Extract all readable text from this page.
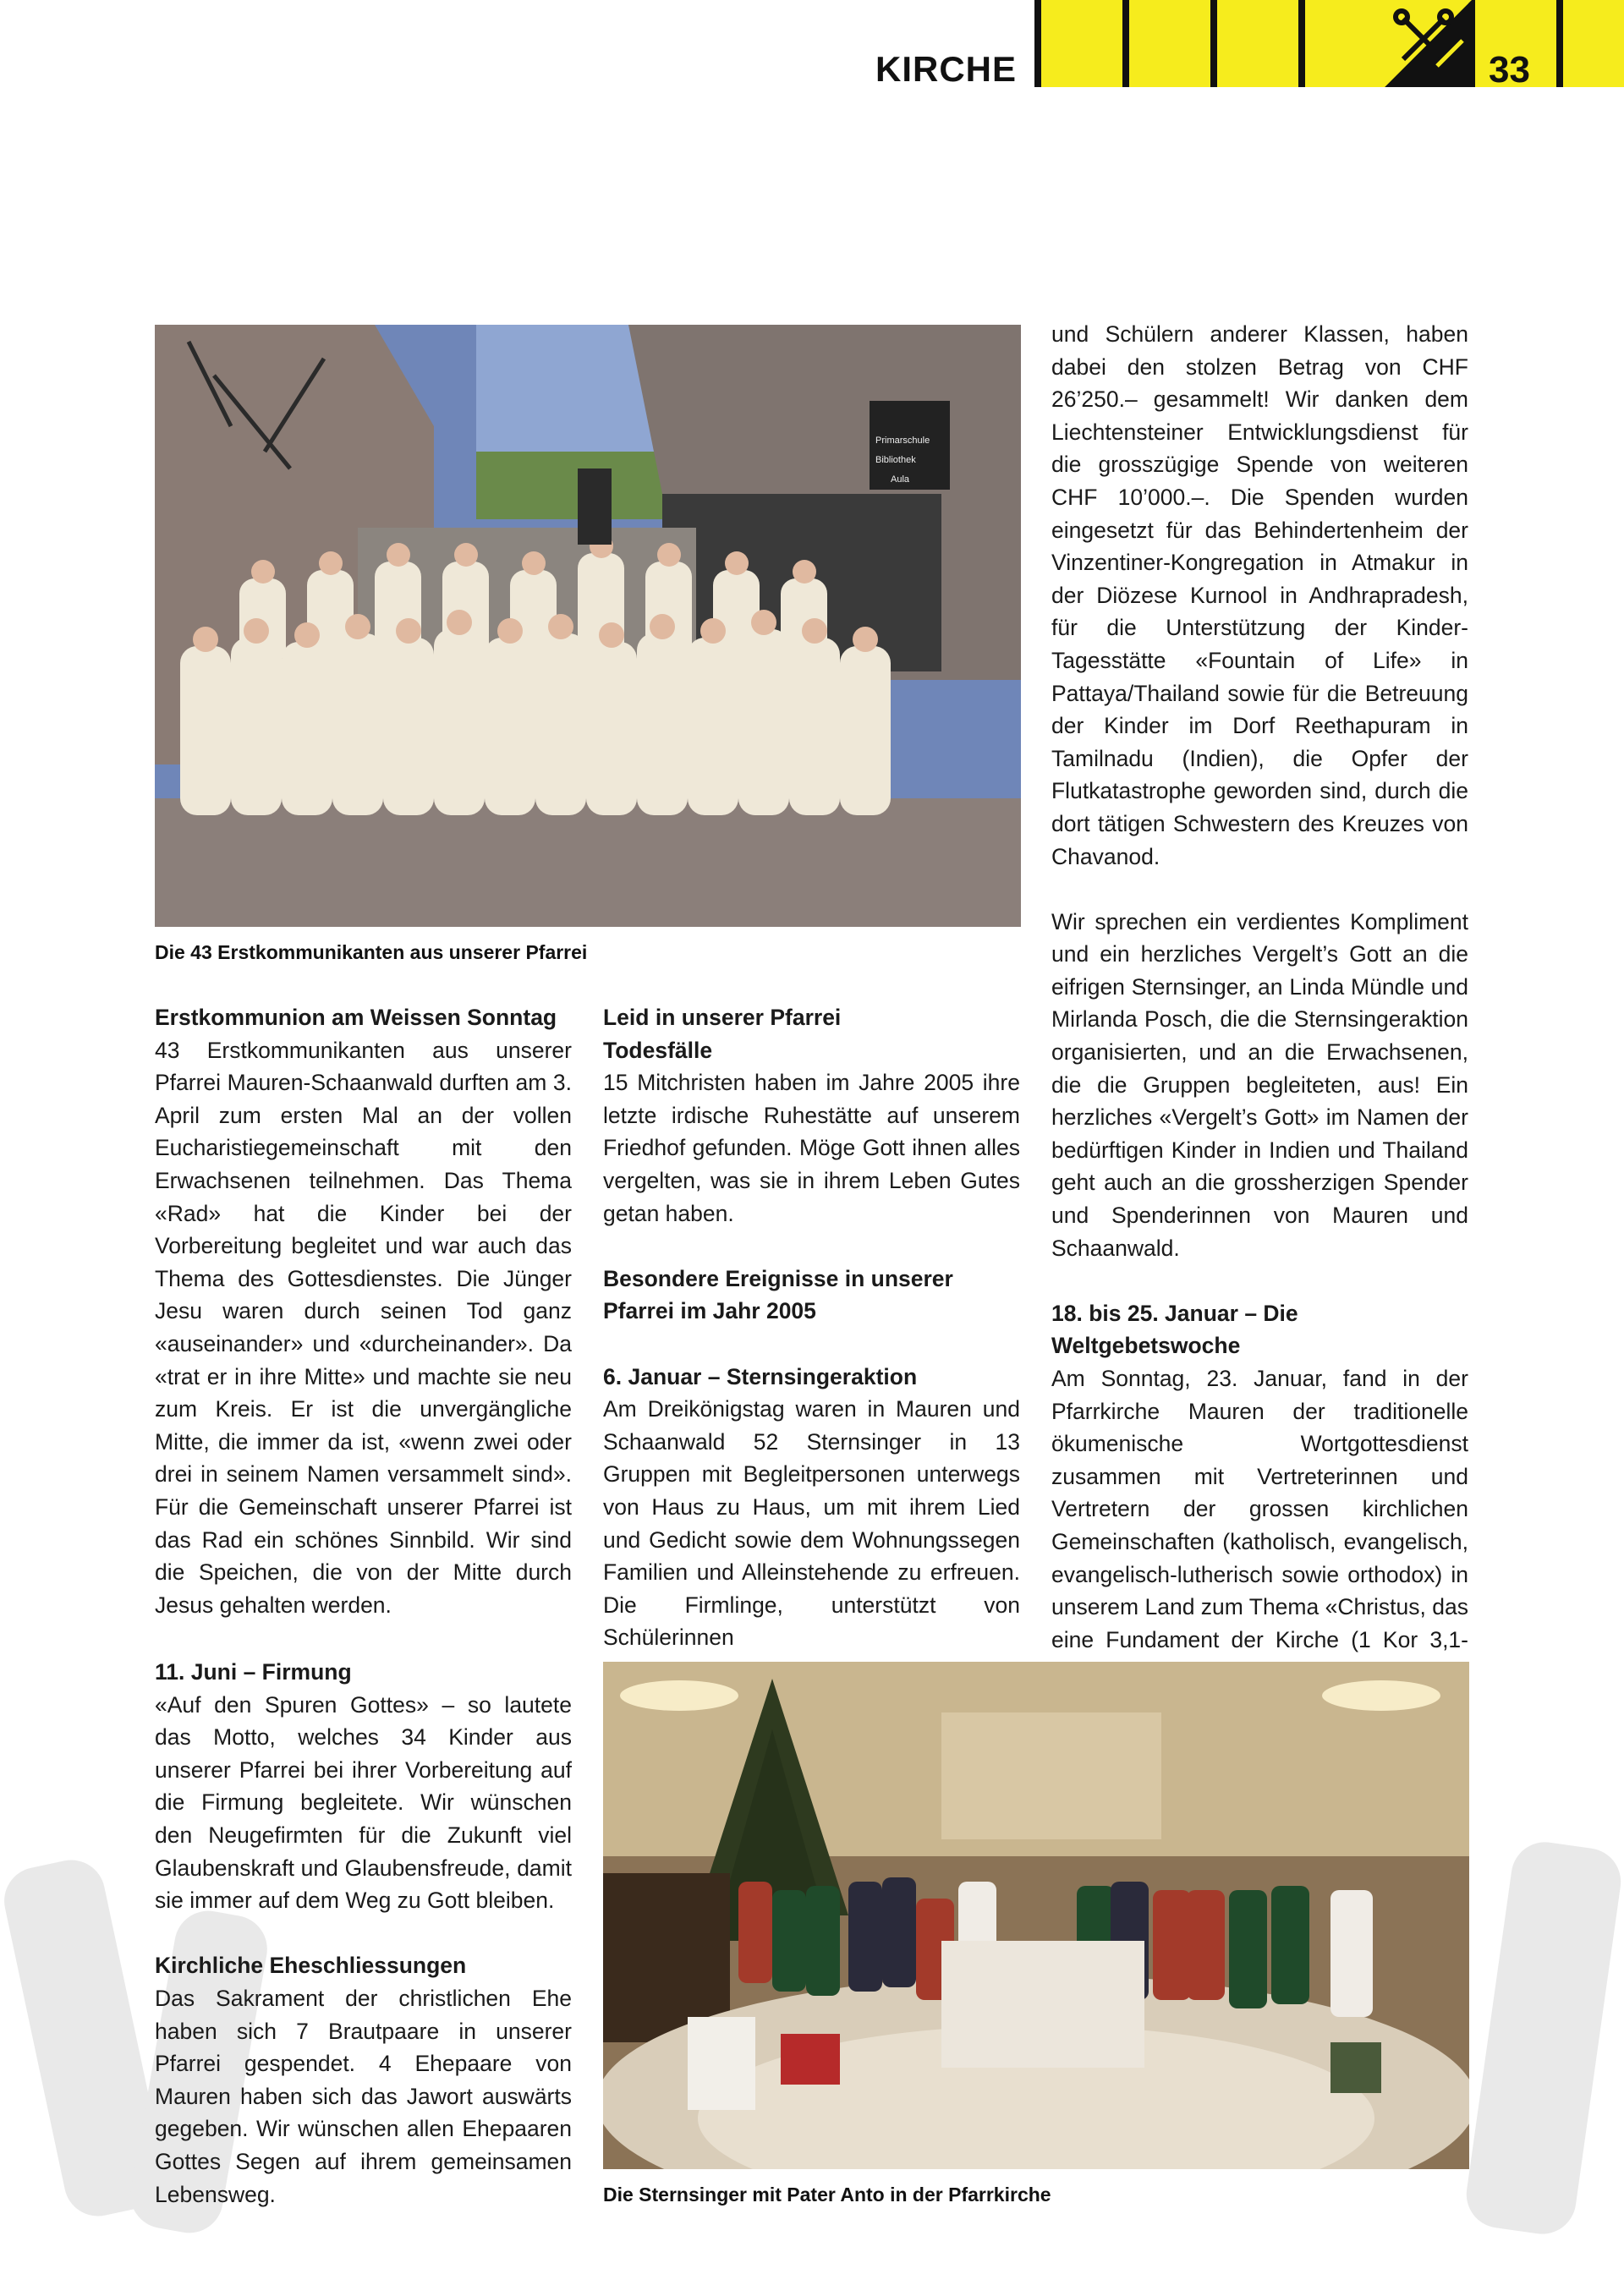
KIRCHE	33
Primarschule
Bibliothek
Aula
Die 43 Erstkommunikanten aus unserer Pfarrei
Erstkommunion am Weissen Sonntag

43 Erstkommunikanten aus unserer Pfarrei Mauren-Schaanwald durften am 3. April zum ersten Mal an der vollen Eucharistiegemeinschaft mit den Erwachsenen teilnehmen. Das Thema «Rad» hat die Kinder bei der Vorbereitung begleitet und war auch das Thema des Gottesdienstes. Die Jünger Jesu waren durch seinen Tod ganz «auseinander» und «durcheinander». Da «trat er in ihre Mitte» und machte sie neu zum Kreis. Er ist die unvergängliche Mitte, die immer da ist, «wenn zwei oder drei in seinem Namen versammelt sind». Für die Gemeinschaft unserer Pfarrei ist das Rad ein schönes Sinnbild. Wir sind die Speichen, die von der Mitte durch Jesus gehalten werden.

11. Juni – Firmung

«Auf den Spuren Gottes» – so lautete das Motto, welches 34 Kinder aus unserer Pfarrei bei ihrer Vorbereitung auf die Firmung begleitete. Wir wünschen den Neugefirmten für die Zukunft viel Glaubenskraft und Glaubensfreude, damit sie immer auf dem Weg zu Gott bleiben.

Kirchliche Eheschliessungen

Das Sakrament der christlichen Ehe haben sich 7 Brautpaare in unserer Pfarrei gespendet. 4 Ehepaare von Mauren haben sich das Jawort auswärts gegeben. Wir wünschen allen Ehepaaren Gottes Segen auf ihrem gemeinsamen Lebensweg.

Leid in unserer Pfarrei
Todesfälle

15 Mitchristen haben im Jahre 2005 ihre letzte irdische Ruhestätte auf unserem Friedhof gefunden. Möge Gott ihnen alles vergelten, was sie in ihrem Leben Gutes getan haben.

Besondere Ereignisse in unserer Pfarrei im Jahr 2005
6. Januar – Sternsingeraktion

Am Dreikönigstag waren in Mauren und Schaanwald 52 Sternsinger in 13 Gruppen mit Begleitpersonen unterwegs von Haus zu Haus, um mit ihrem Lied und Gedicht sowie dem Wohnungssegen Familien und Alleinstehende zu erfreuen. Die Firmlinge, unterstützt von Schülerinnen

und Schülern anderer Klassen, haben dabei den stolzen Betrag von CHF 26’250.– gesammelt! Wir danken dem Liechtensteiner Entwicklungsdienst für die grosszügige Spende von weiteren CHF 10’000.–. Die Spenden wurden eingesetzt für das Behindertenheim der Vinzentiner-Kongregation in Atmakur in der Diözese Kurnool in Andhrapradesh, für die Unterstützung der Kinder-Tagesstätte «Fountain of Life» in Pattaya/Thailand sowie für die Betreuung der Kinder im Dorf Reethapuram in Tamilnadu (Indien), die Opfer der Flutkatastrophe geworden sind, durch die dort tätigen Schwestern des Kreuzes von Chavanod.

Wir sprechen ein verdientes Kompliment und ein herzliches Vergelt’s Gott an die eifrigen Sternsinger, an Linda Mündle und Mirlanda Posch, die die Sternsingeraktion organisierten, und an die Erwachsenen, die die Gruppen begleiteten, aus! Ein herzliches «Vergelt’s Gott» im Namen der bedürftigen Kinder in Indien und Thailand geht auch an die grossherzigen Spender und Spenderinnen von Mauren und Schaanwald.

18. bis 25. Januar – Die Weltgebetswoche

Am Sonntag, 23. Januar, fand in der Pfarrkirche Mauren der traditionelle ökumenische Wortgottesdienst zusammen mit Vertreterinnen und Vertretern der grossen kirchlichen Gemeinschaften (katholisch, evangelisch, evangelisch-lutherisch sowie orthodox) in unserem Land zum Thema «Christus, das eine Fundament der Kirche (1 Kor 3,1-

Die Sternsinger mit Pater Anto in der Pfarrkirche
